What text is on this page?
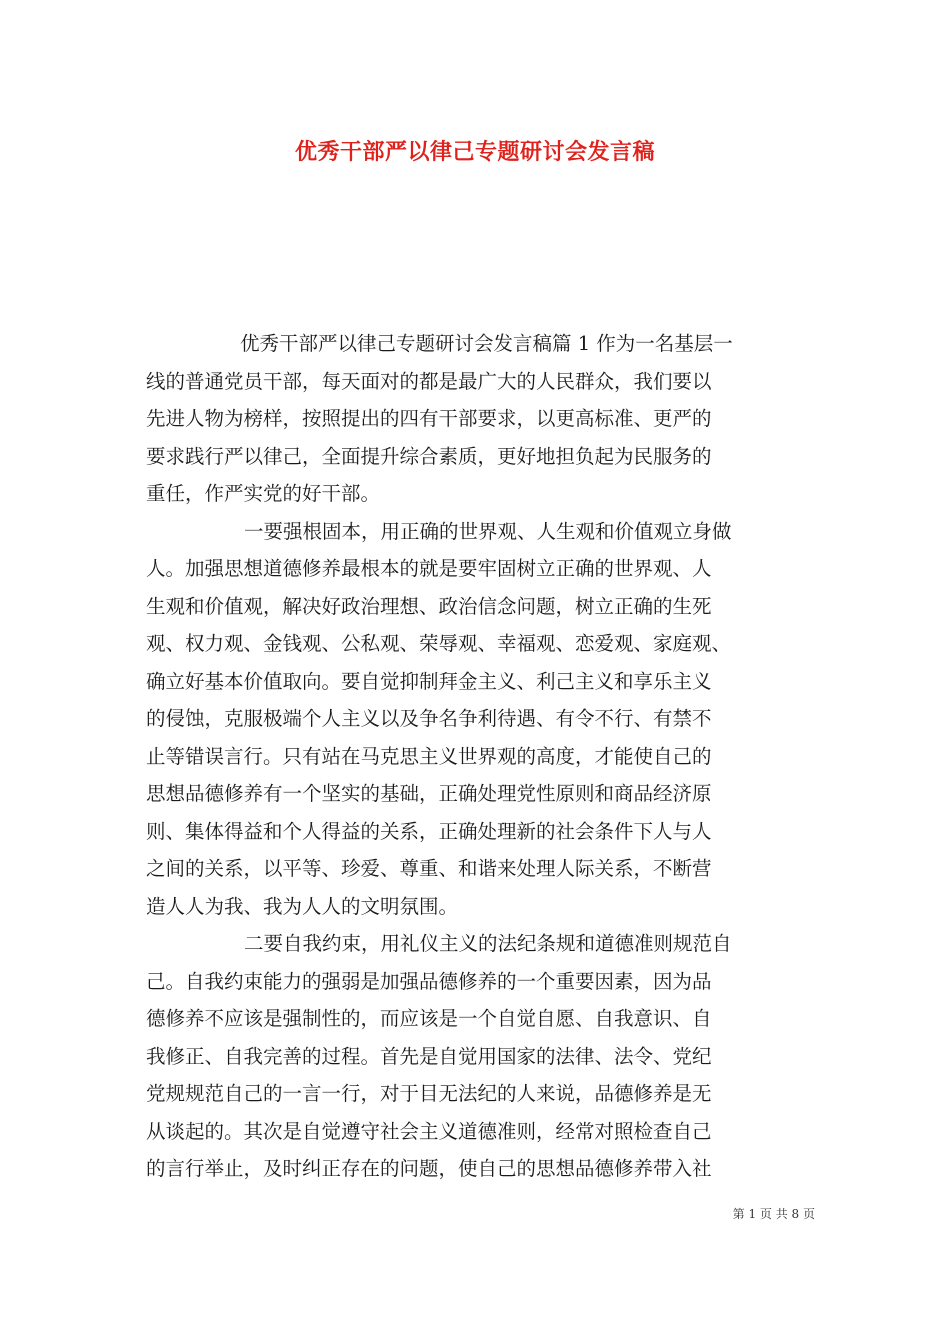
优秀干部严以律己专题研讨会发言稿

优秀干部严以律己专题研讨会发言稿篇 1 作为一名基层一
线的普通党员干部，每天面对的都是最广大的人民群众，我们要以
先进人物为榜样，按照提出的四有干部要求，以更高标准、更严的
要求践行严以律己，全面提升综合素质，更好地担负起为民服务的
重任，作严实党的好干部。

一要强根固本，用正确的世界观、人生观和价值观立身做
人。加强思想道德修养最根本的就是要牢固树立正确的世界观、人
生观和价值观，解决好政治理想、政治信念问题，树立正确的生死
观、权力观、金钱观、公私观、荣辱观、幸福观、恋爱观、家庭观、
确立好基本价值取向。要自觉抑制拜金主义、利己主义和享乐主义
的侵蚀，克服极端个人主义以及争名争利待遇、有令不行、有禁不
止等错误言行。只有站在马克思主义世界观的高度，才能使自己的
思想品德修养有一个坚实的基础，正确处理党性原则和商品经济原
则、集体得益和个人得益的关系，正确处理新的社会条件下人与人
之间的关系，以平等、珍爱、尊重、和谐来处理人际关系，不断营
造人人为我、我为人人的文明氛围。

二要自我约束，用礼仪主义的法纪条规和道德准则规范自
己。自我约束能力的强弱是加强品德修养的一个重要因素，因为品
德修养不应该是强制性的，而应该是一个自觉自愿、自我意识、自
我修正、自我完善的过程。首先是自觉用国家的法律、法令、党纪
党规规范自己的一言一行，对于目无法纪的人来说，品德修养是无
从谈起的。其次是自觉遵守社会主义道德准则，经常对照检查自己
的言行举止，及时纠正存在的问题，使自己的思想品德修养带入社

第 1 页 共 8 页
